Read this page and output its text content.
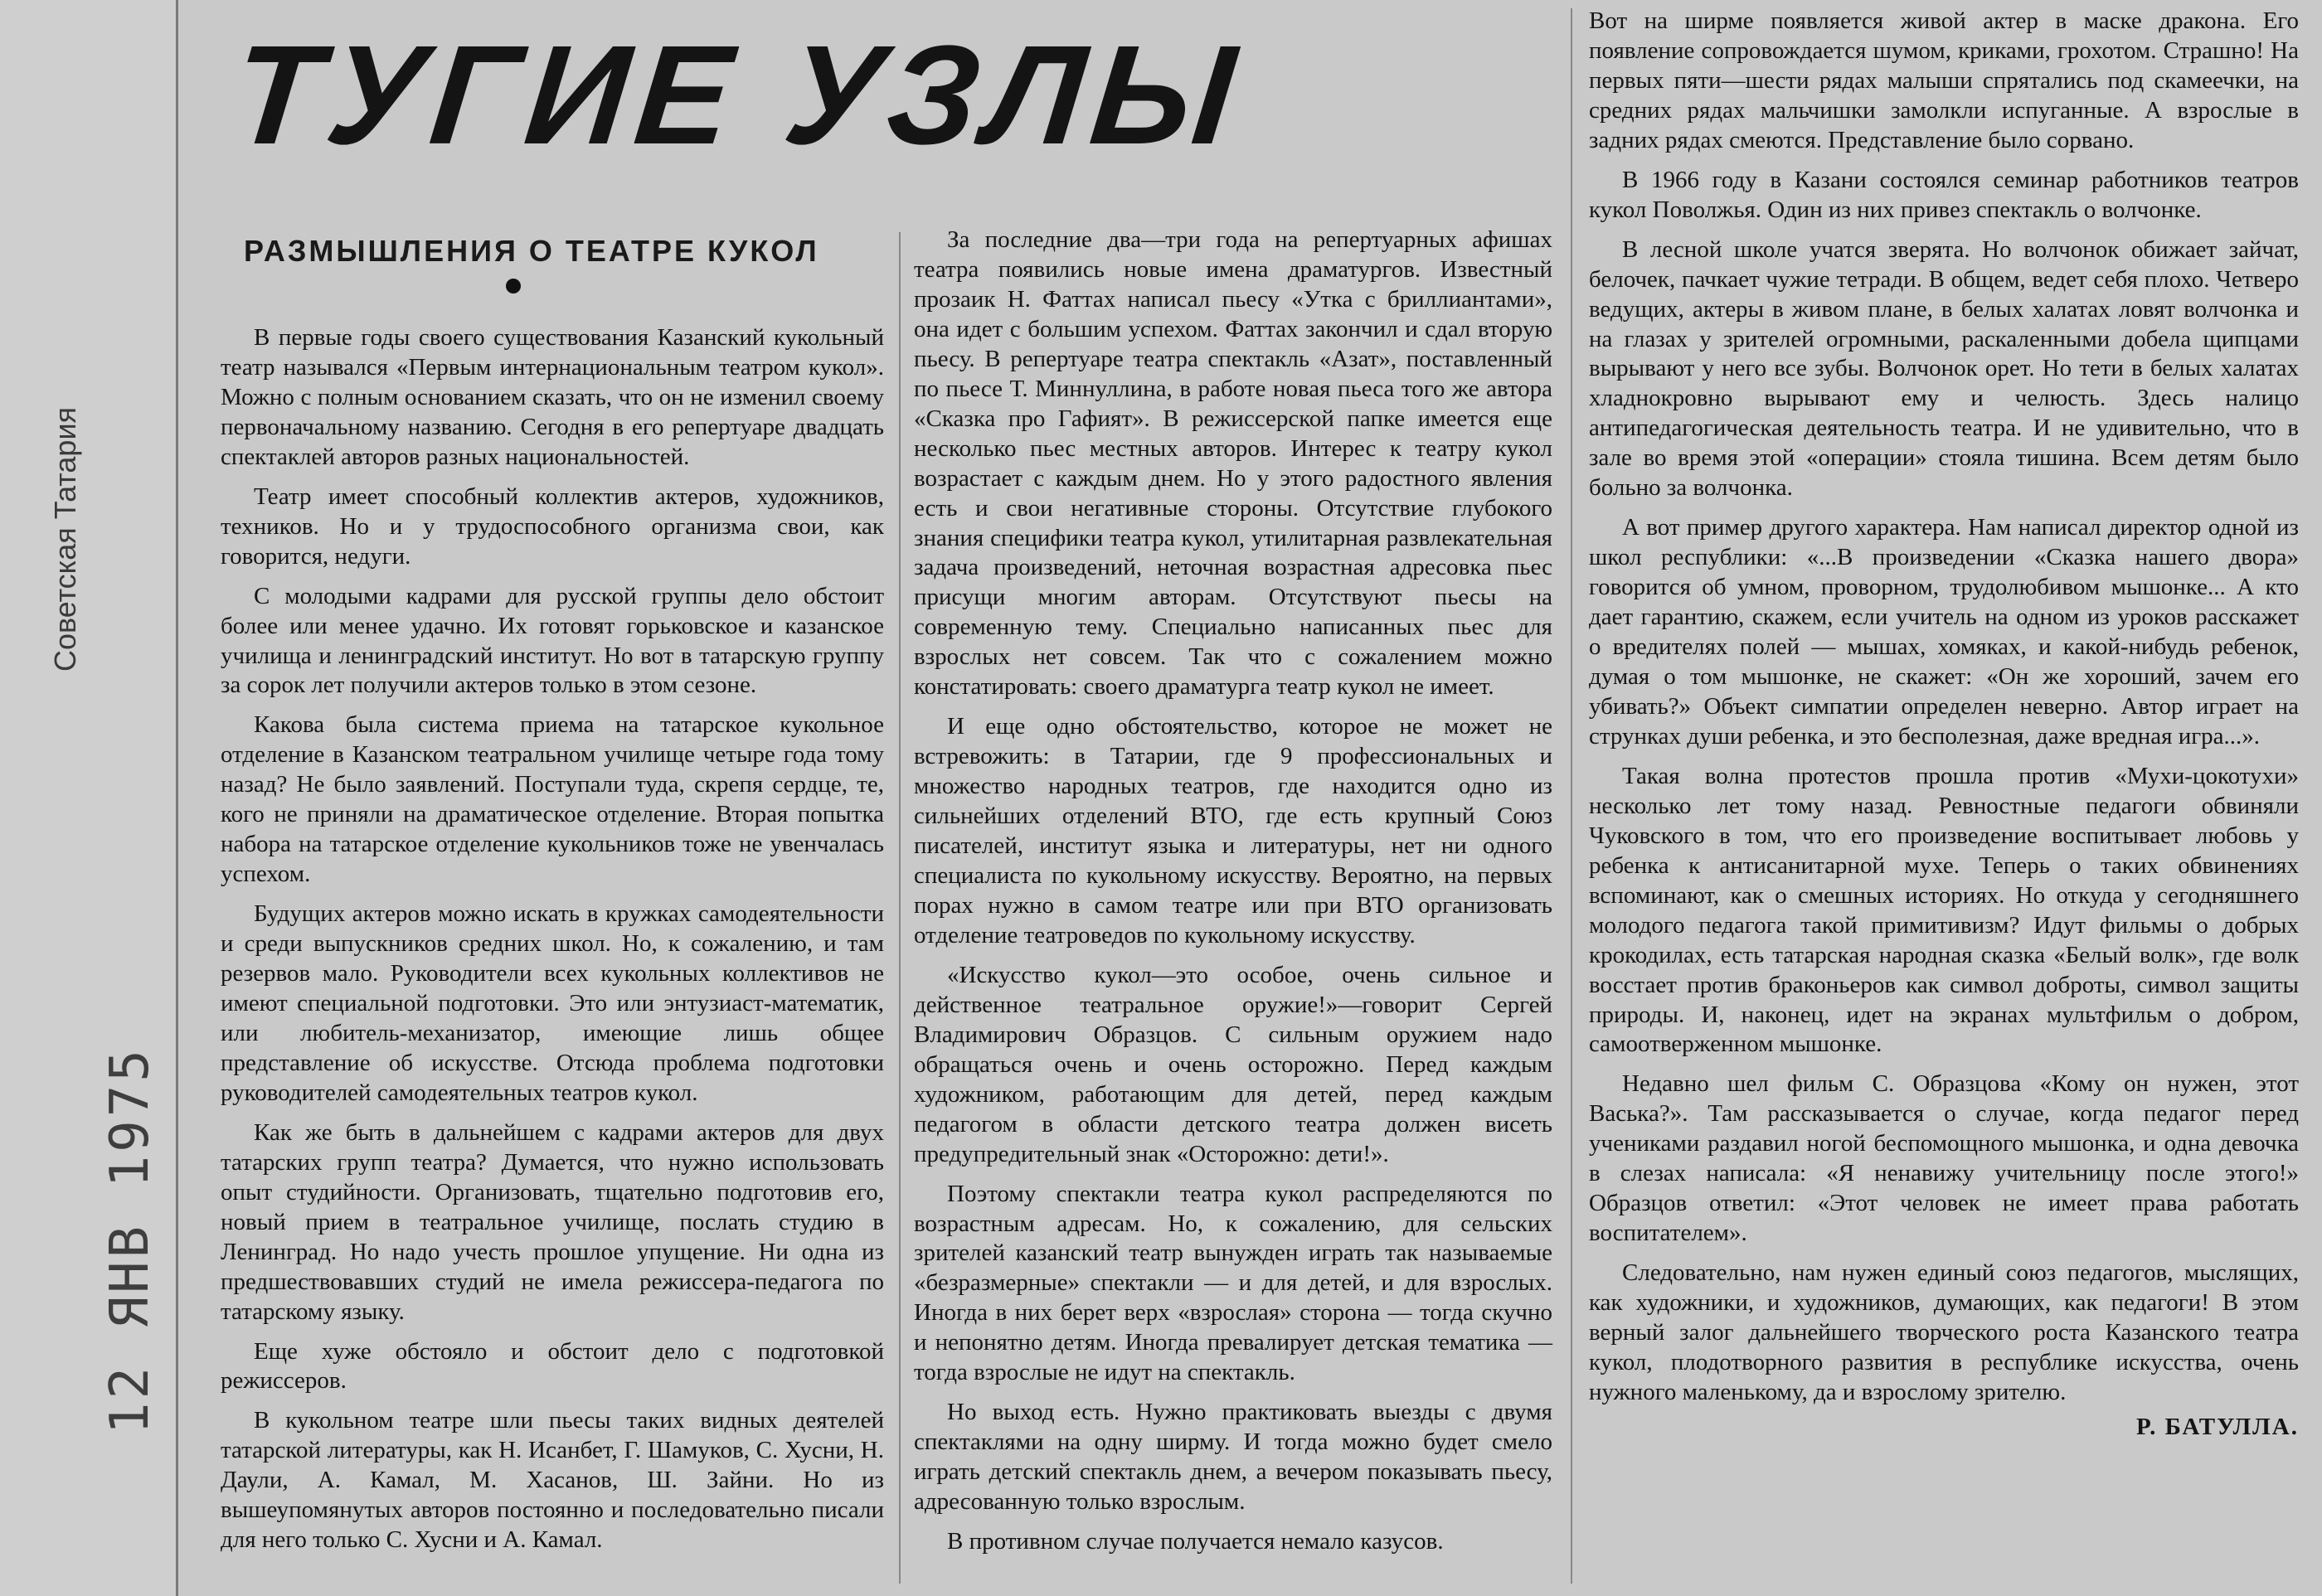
Советская Татария
12 ЯНВ 1975
ТУГИЕ УЗЛЫ
РАЗМЫШЛЕНИЯ О ТЕАТРЕ КУКОЛ

В первые годы своего существования Казанский кукольный театр назывался «Первым интернациональным театром кукол». Можно с полным основанием сказать, что он не изменил своему первоначальному названию. Сегодня в его репертуаре двадцать спектаклей авторов разных национальностей.

Театр имеет способный коллектив актеров, художников, техников. Но и у трудоспособного организма свои, как говорится, недуги.

С молодыми кадрами для русской группы дело обстоит более или менее удачно. Их готовят горьковское и казанское училища и ленинградский институт. Но вот в татарскую группу за сорок лет получили актеров только в этом сезоне.

Какова была система приема на татарское кукольное отделение в Казанском театральном училище четыре года тому назад? Не было заявлений. Поступали туда, скрепя сердце, те, кого не приняли на драматическое отделение. Вторая попытка набора на татарское отделение кукольников тоже не увенчалась успехом.

Будущих актеров можно искать в кружках самодеятельности и среди выпускников средних школ. Но, к сожалению, и там резервов мало. Руководители всех кукольных коллективов не имеют специальной подготовки. Это или энтузиаст-математик, или любитель-механизатор, имеющие лишь общее представление об искусстве. Отсюда проблема подготовки руководителей самодеятельных театров кукол.

Как же быть в дальнейшем с кадрами актеров для двух татарских групп театра? Думается, что нужно использовать опыт студийности. Организовать, тщательно подготовив его, новый прием в театральное училище, послать студию в Ленинград. Но надо учесть прошлое упущение. Ни одна из предшествовавших студий не имела режиссера-педагога по татарскому языку.

Еще хуже обстояло и обстоит дело с подготовкой режиссеров.

В кукольном театре шли пьесы таких видных деятелей татарской литературы, как Н. Исанбет, Г. Шамуков, С. Хусни, Н. Даули, А. Камал, М. Хасанов, Ш. Зайни. Но из вышеупомянутых авторов постоянно и последовательно писали для него только С. Хусни и А. Камал.

За последние два—три года на репертуарных афишах театра появились новые имена драматургов. Известный прозаик Н. Фаттах написал пьесу «Утка с бриллиантами», она идет с большим успехом. Фаттах закончил и сдал вторую пьесу. В репертуаре театра спектакль «Азат», поставленный по пьесе Т. Миннуллина, в работе новая пьеса того же автора «Сказка про Гафият». В режиссерской папке имеется еще несколько пьес местных авторов. Интерес к театру кукол возрастает с каждым днем. Но у этого радостного явления есть и свои негативные стороны. Отсутствие глубокого знания специфики театра кукол, утилитарная развлекательная задача произведений, неточная возрастная адресовка пьес присущи многим авторам. Отсутствуют пьесы на современную тему. Специально написанных пьес для взрослых нет совсем. Так что с сожалением можно констатировать: своего драматурга театр кукол не имеет.

И еще одно обстоятельство, которое не может не встревожить: в Татарии, где 9 профессиональных и множество народных театров, где находится одно из сильнейших отделений ВТО, где есть крупный Союз писателей, институт языка и литературы, нет ни одного специалиста по кукольному искусству. Вероятно, на первых порах нужно в самом театре или при ВТО организовать отделение театроведов по кукольному искусству.

«Искусство кукол—это особое, очень сильное и действенное театральное оружие!»—говорит Сергей Владимирович Образцов. С сильным оружием надо обращаться очень и очень осторожно. Перед каждым художником, работающим для детей, перед каждым педагогом в области детского театра должен висеть предупредительный знак «Осторожно: дети!».

Поэтому спектакли театра кукол распределяются по возрастным адресам. Но, к сожалению, для сельских зрителей казанский театр вынужден играть так называемые «безразмерные» спектакли — и для детей, и для взрослых. Иногда в них берет верх «взрослая» сторона — тогда скучно и непонятно детям. Иногда превалирует детская тематика — тогда взрослые не идут на спектакль.

Но выход есть. Нужно практиковать выезды с двумя спектаклями на одну ширму. И тогда можно будет смело играть детский спектакль днем, а вечером показывать пьесу, адресованную только взрослым.

В противном случае получается немало казусов.

Вот на ширме появляется живой актер в маске дракона. Его появление сопровождается шумом, криками, грохотом. Страшно! На первых пяти—шести рядах малыши спрятались под скамеечки, на средних рядах мальчишки замолкли испуганные. А взрослые в задних рядах смеются. Представление было сорвано.

В 1966 году в Казани состоялся семинар работников театров кукол Поволжья. Один из них привез спектакль о волчонке.

В лесной школе учатся зверята. Но волчонок обижает зайчат, белочек, пачкает чужие тетради. В общем, ведет себя плохо. Четверо ведущих, актеры в живом плане, в белых халатах ловят волчонка и на глазах у зрителей огромными, раскаленными добела щипцами вырывают у него все зубы. Волчонок орет. Но тети в белых халатах хладнокровно вырывают ему и челюсть. Здесь налицо антипедагогическая деятельность театра. И не удивительно, что в зале во время этой «операции» стояла тишина. Всем детям было больно за волчонка.

А вот пример другого характера. Нам написал директор одной из школ республики: «...В произведении «Сказка нашего двора» говорится об умном, проворном, трудолюбивом мышонке... А кто дает гарантию, скажем, если учитель на одном из уроков расскажет о вредителях полей — мышах, хомяках, и какой-нибудь ребенок, думая о том мышонке, не скажет: «Он же хороший, зачем его убивать?» Объект симпатии определен неверно. Автор играет на струнках души ребенка, и это бесполезная, даже вредная игра...».

Такая волна протестов прошла против «Мухи-цокотухи» несколько лет тому назад. Ревностные педагоги обвиняли Чуковского в том, что его произведение воспитывает любовь у ребенка к антисанитарной мухе. Теперь о таких обвинениях вспоминают, как о смешных историях. Но откуда у сегодняшнего молодого педагога такой примитивизм? Идут фильмы о добрых крокодилах, есть татарская народная сказка «Белый волк», где волк восстает против браконьеров как символ доброты, символ защиты природы. И, наконец, идет на экранах мультфильм о добром, самоотверженном мышонке.

Недавно шел фильм С. Образцова «Кому он нужен, этот Васька?». Там рассказывается о случае, когда педагог перед учениками раздавил ногой беспомощного мышонка, и одна девочка в слезах написала: «Я ненавижу учительницу после этого!» Образцов ответил: «Этот человек не имеет права работать воспитателем».

Следовательно, нам нужен единый союз педагогов, мыслящих, как художники, и художников, думающих, как педагоги! В этом верный залог дальнейшего творческого роста Казанского театра кукол, плодотворного развития в республике искусства, очень нужного маленькому, да и взрослому зрителю.

Р. БАТУЛЛА.
